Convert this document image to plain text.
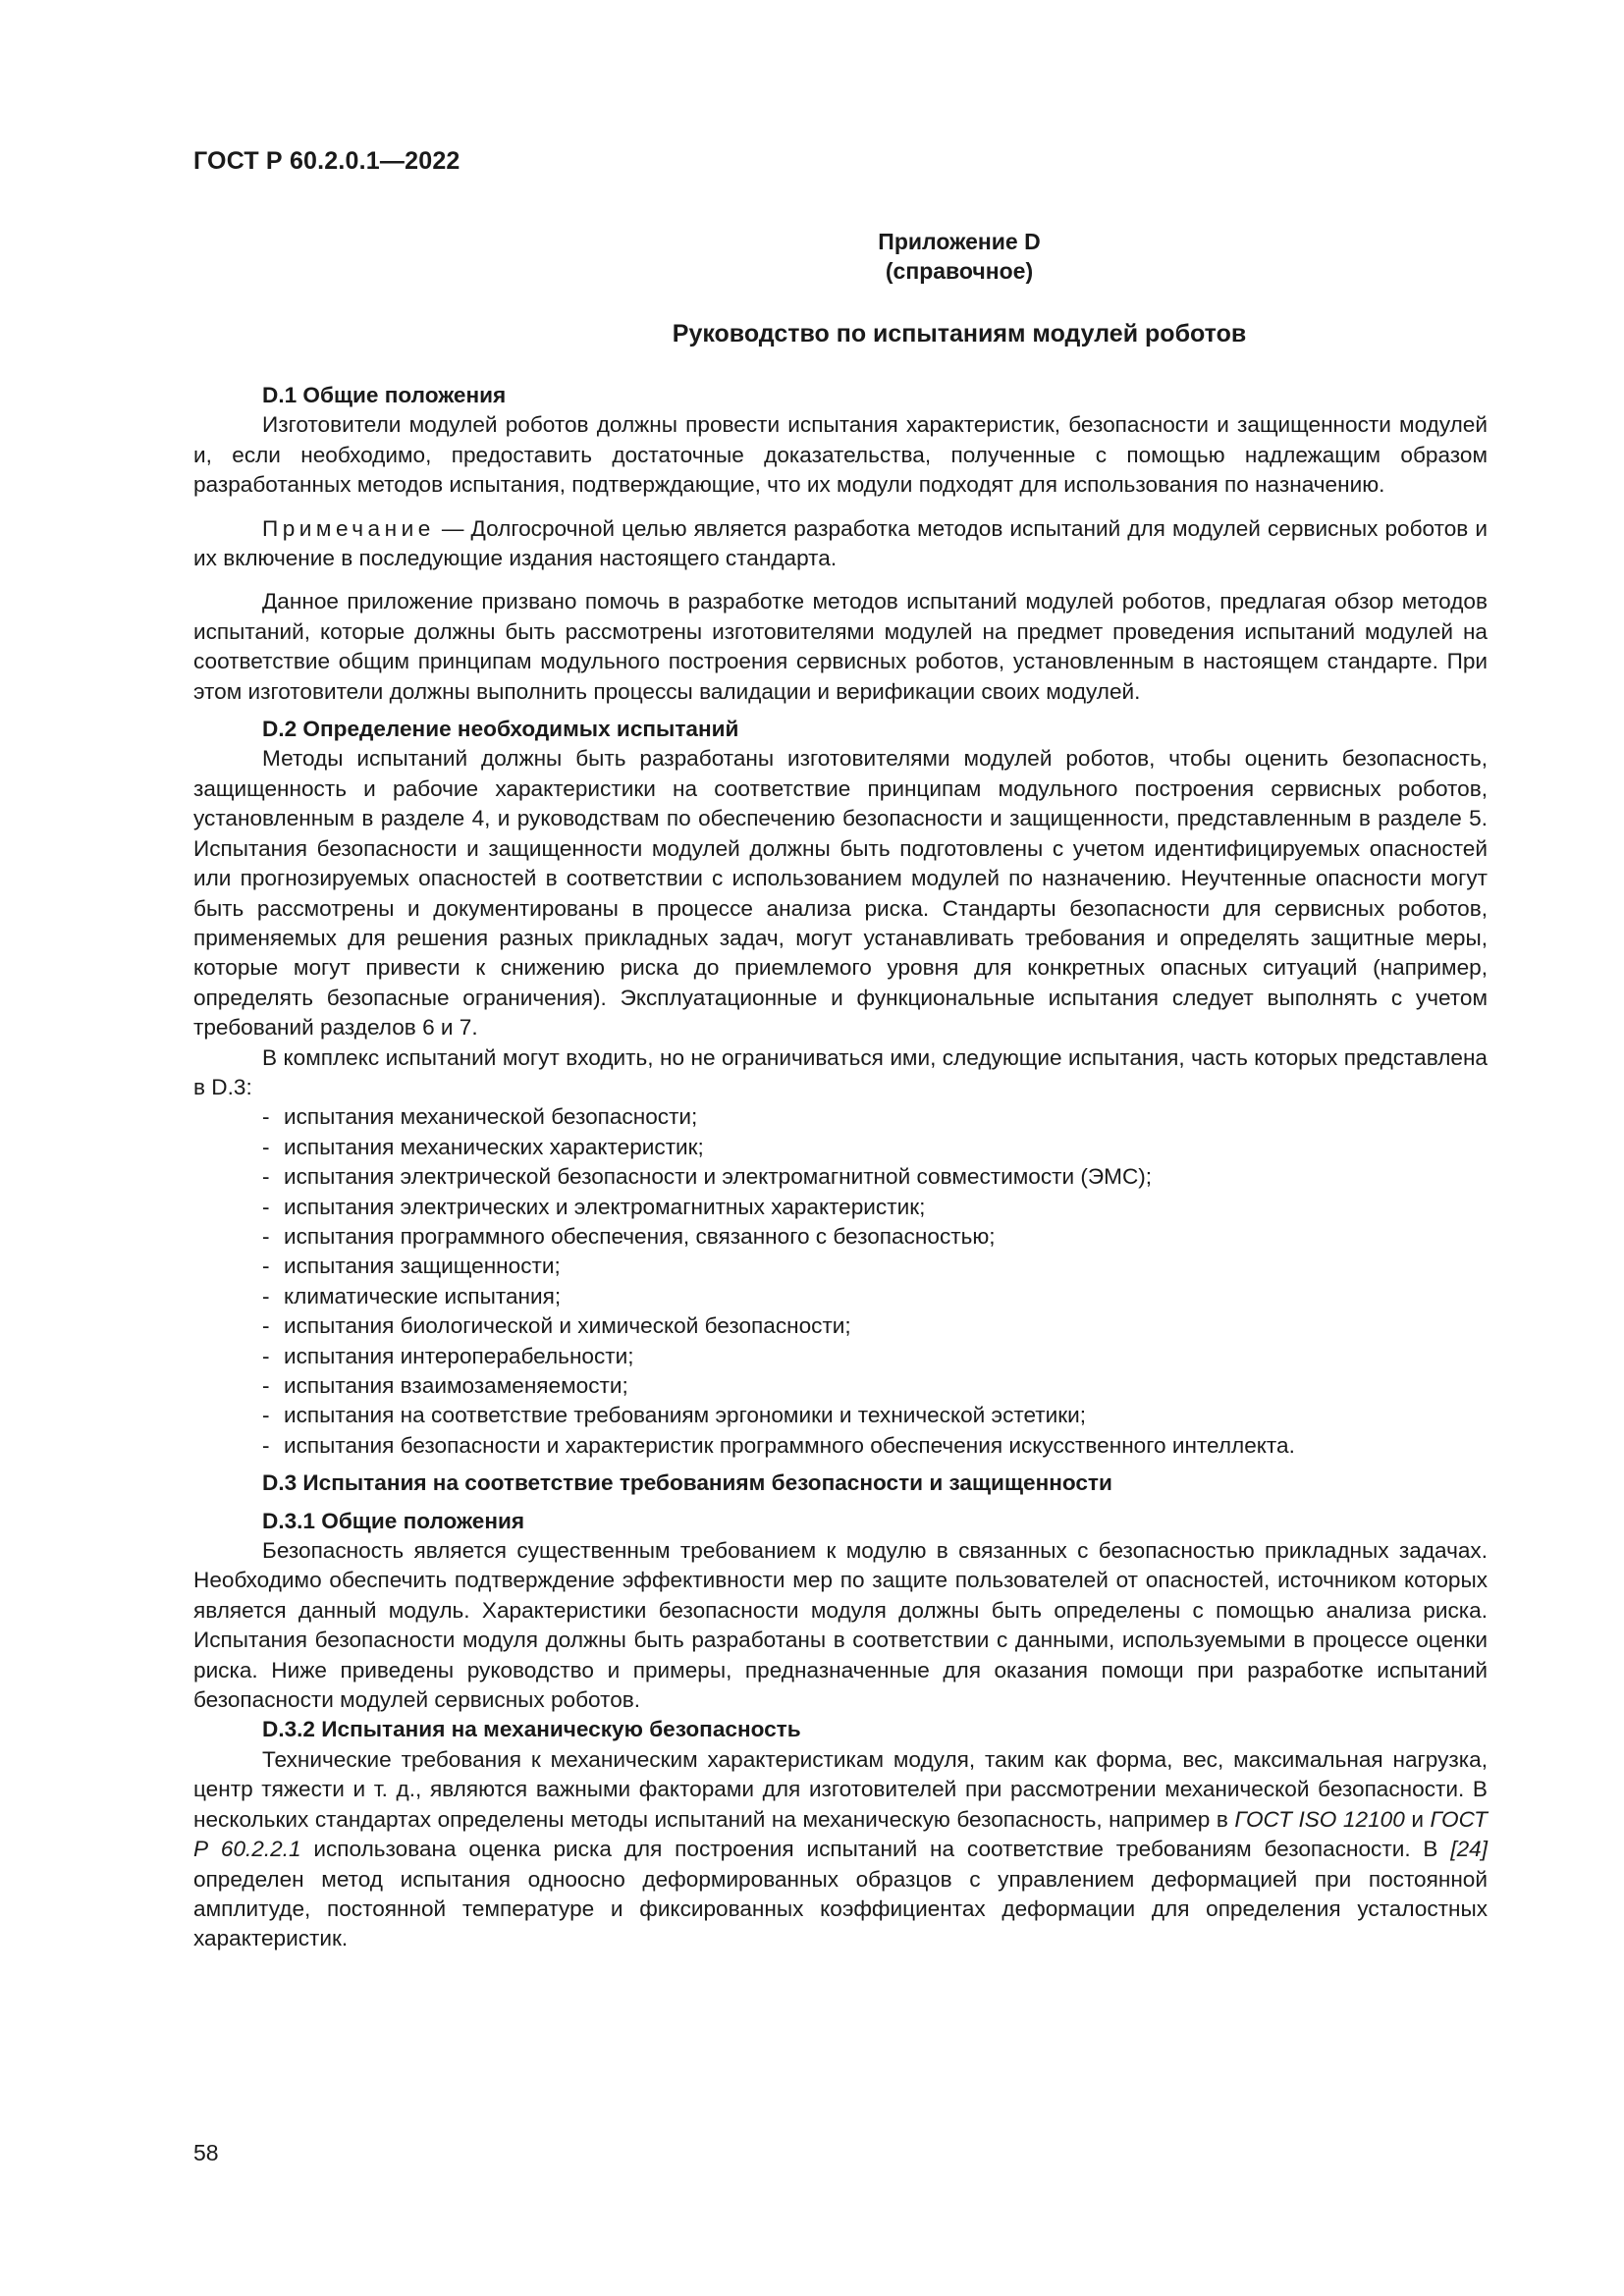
ГОСТ Р 60.2.0.1—2022
Приложение D
(справочное)
Руководство по испытаниям модулей роботов
D.1 Общие положения

Изготовители модулей роботов должны провести испытания характеристик, безопасности и защищенности модулей и, если необходимо, предоставить достаточные доказательства, полученные с помощью надлежащим образом разработанных методов испытания, подтверждающие, что их модули подходят для использования по назначению.

Примечание — Долгосрочной целью является разработка методов испытаний для модулей сервисных роботов и их включение в последующие издания настоящего стандарта.

Данное приложение призвано помочь в разработке методов испытаний модулей роботов, предлагая обзор методов испытаний, которые должны быть рассмотрены изготовителями модулей на предмет проведения испытаний модулей на соответствие общим принципам модульного построения сервисных роботов, установленным в настоящем стандарте. При этом изготовители должны выполнить процессы валидации и верификации своих модулей.

D.2 Определение необходимых испытаний

Методы испытаний должны быть разработаны изготовителями модулей роботов, чтобы оценить безопасность, защищенность и рабочие характеристики на соответствие принципам модульного построения сервисных роботов, установленным в разделе 4, и руководствам по обеспечению безопасности и защищенности, представленным в разделе 5. Испытания безопасности и защищенности модулей должны быть подготовлены с учетом идентифицируемых опасностей или прогнозируемых опасностей в соответствии с использованием модулей по назначению. Неучтенные опасности могут быть рассмотрены и документированы в процессе анализа риска. Стандарты безопасности для сервисных роботов, применяемых для решения разных прикладных задач, могут устанавливать требования и определять защитные меры, которые могут привести к снижению риска до приемлемого уровня для конкретных опасных ситуаций (например, определять безопасные ограничения). Эксплуатационные и функциональные испытания следует выполнять с учетом требований разделов 6 и 7.

В комплекс испытаний могут входить, но не ограничиваться ими, следующие испытания, часть которых представлена в D.3:

- испытания механической безопасности;
- испытания механических характеристик;
- испытания электрической безопасности и электромагнитной совместимости (ЭМС);
- испытания электрических и электромагнитных характеристик;
- испытания программного обеспечения, связанного с безопасностью;
- испытания защищенности;
- климатические испытания;
- испытания биологической и химической безопасности;
- испытания интероперабельности;
- испытания взаимозаменяемости;
- испытания на соответствие требованиям эргономики и технической эстетики;
- испытания безопасности и характеристик программного обеспечения искусственного интеллекта.
D.3 Испытания на соответствие требованиям безопасности и защищенности
D.3.1 Общие положения

Безопасность является существенным требованием к модулю в связанных с безопасностью прикладных задачах. Необходимо обеспечить подтверждение эффективности мер по защите пользователей от опасностей, источником которых является данный модуль. Характеристики безопасности модуля должны быть определены с помощью анализа риска. Испытания безопасности модуля должны быть разработаны в соответствии с данными, используемыми в процессе оценки риска. Ниже приведены руководство и примеры, предназначенные для оказания помощи при разработке испытаний безопасности модулей сервисных роботов.

D.3.2 Испытания на механическую безопасность

Технические требования к механическим характеристикам модуля, таким как форма, вес, максимальная нагрузка, центр тяжести и т. д., являются важными факторами для изготовителей при рассмотрении механической безопасности. В нескольких стандартах определены методы испытаний на механическую безопасность, например в ГОСТ ISO 12100 и ГОСТ Р 60.2.2.1 использована оценка риска для построения испытаний на соответствие требованиям безопасности. В [24] определен метод испытания одноосно деформированных образцов с управлением деформацией при постоянной амплитуде, постоянной температуре и фиксированных коэффициентах деформации для определения усталостных характеристик.

58
